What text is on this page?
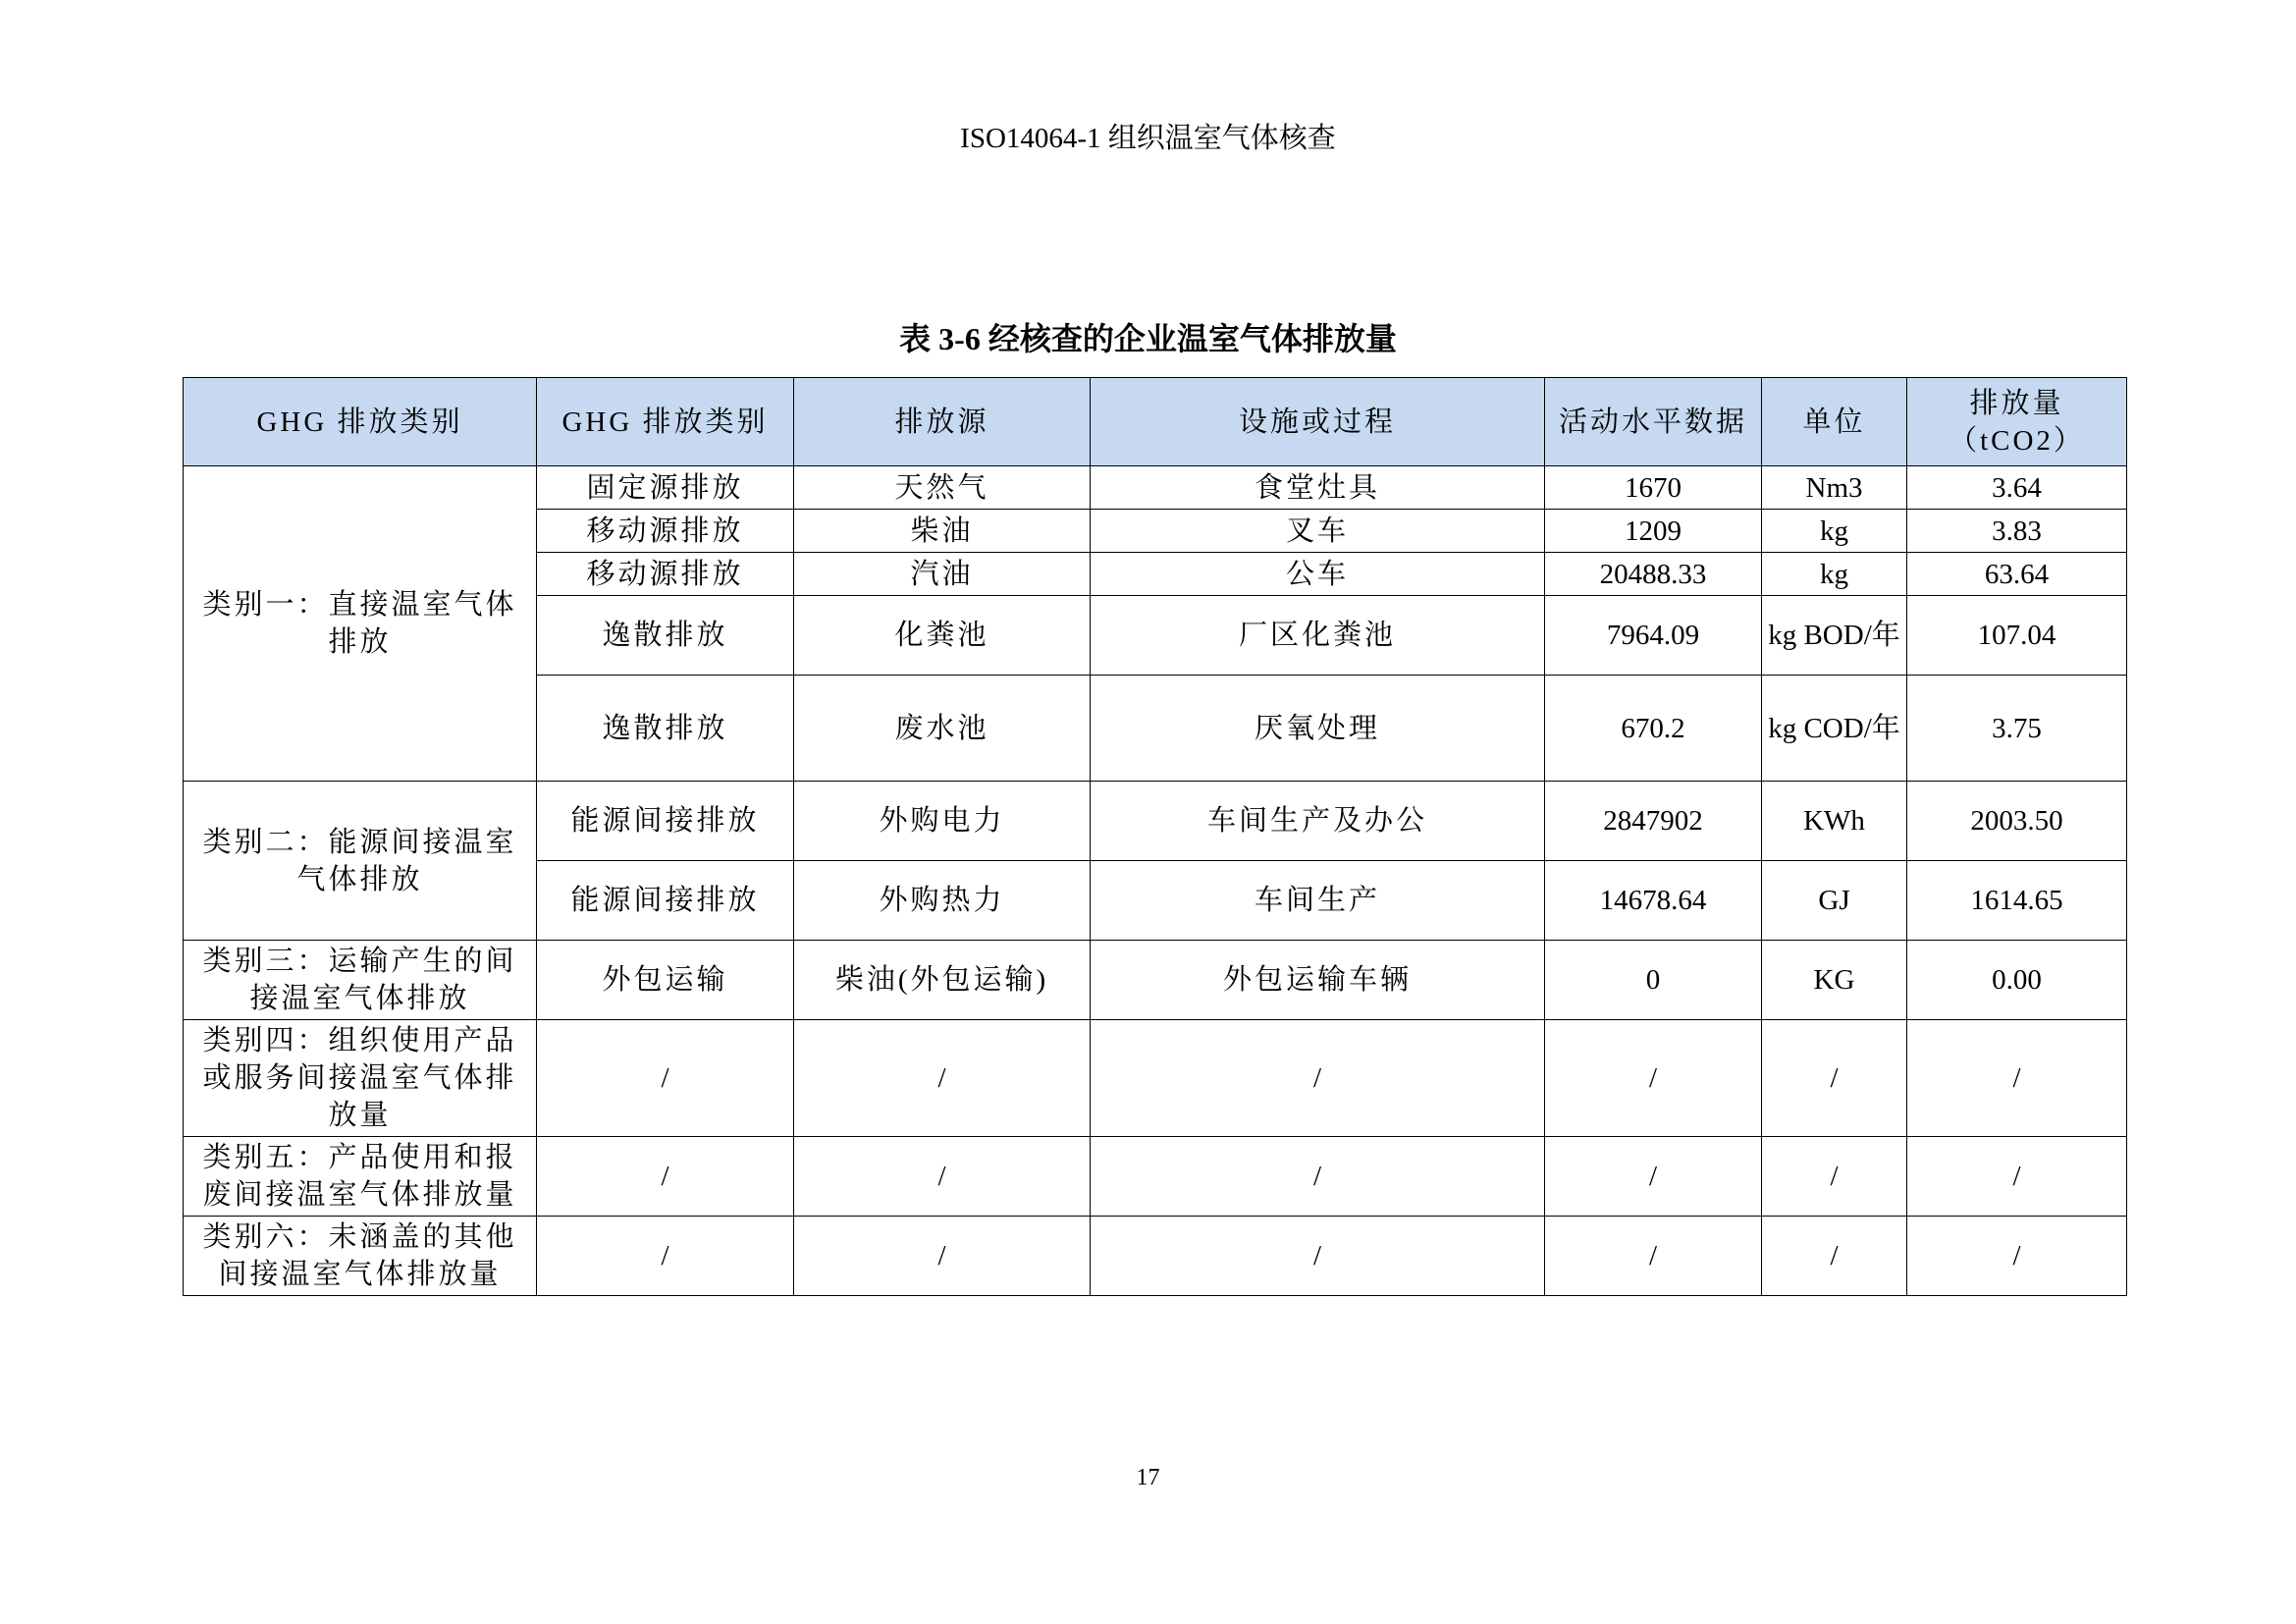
ISO14064-1 组织温室气体核查
表 3-6 经核查的企业温室气体排放量
GHG 排放类别	GHG 排放类别	排放源	设施或过程	活动水平数据	单位	排放量（tCO2）
类别一：直接温室气体排放	固定源排放	天然气	食堂灶具	1670	Nm3	3.64
	移动源排放	柴油	叉车	1209	kg	3.83
	移动源排放	汽油	公车	20488.33	kg	63.64
	逸散排放	化粪池	厂区化粪池	7964.09	kg BOD/年	107.04
	逸散排放	废水池	厌氧处理	670.2	kg COD/年	3.75
类别二：能源间接温室气体排放	能源间接排放	外购电力	车间生产及办公	2847902	KWh	2003.50
	能源间接排放	外购热力	车间生产	14678.64	GJ	1614.65
类别三：运输产生的间接温室气体排放	外包运输	柴油(外包运输)	外包运输车辆	0	KG	0.00
类别四：组织使用产品或服务间接温室气体排放量	/	/	/	/	/	/
类别五：产品使用和报废间接温室气体排放量	/	/	/	/	/	/
类别六：未涵盖的其他间接温室气体排放量	/	/	/	/	/	/
17
